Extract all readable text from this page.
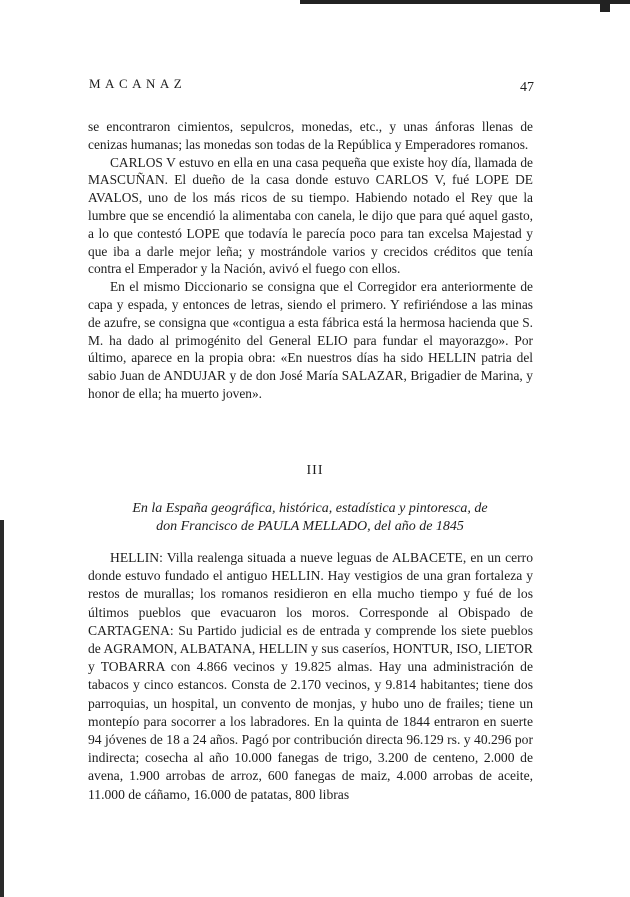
MACANAZ	47

se encontraron cimientos, sepulcros, monedas, etc., y unas ánforas llenas de cenizas humanas; las monedas son todas de la República y Emperadores romanos.

CARLOS V estuvo en ella en una casa pequeña que existe hoy día, llamada de MASCUÑAN. El dueño de la casa donde estuvo CARLOS V, fué LOPE DE AVALOS, uno de los más ricos de su tiempo. Habiendo notado el Rey que la lumbre que se encendió la alimentaba con canela, le dijo que para qué aquel gasto, a lo que contestó LOPE que todavía le parecía poco para tan excelsa Majestad y que iba a darle mejor leña; y mostrándole varios y crecidos créditos que tenía contra el Emperador y la Nación, avivó el fuego con ellos.

En el mismo Diccionario se consigna que el Corregidor era anteriormente de capa y espada, y entonces de letras, siendo el primero. Y refiriéndose a las minas de azufre, se consigna que «contigua a esta fábrica está la hermosa hacienda que S. M. ha dado al primogénito del General ELIO para fundar el mayorazgo». Por último, aparece en la propia obra: «En nuestros días ha sido HELLIN patria del sabio Juan de ANDUJAR y de don José María SALAZAR, Brigadier de Marina, y honor de ella; ha muerto joven».

III
En la España geográfica, histórica, estadística y pintoresca, de
don Francisco de PAULA MELLADO, del año de 1845

HELLIN: Villa realenga situada a nueve leguas de ALBACETE, en un cerro donde estuvo fundado el antiguo HELLIN. Hay vestigios de una gran fortaleza y restos de murallas; los romanos residieron en ella mucho tiempo y fué de los últimos pueblos que evacuaron los moros. Corresponde al Obispado de CARTAGENA: Su Partido judicial es de entrada y comprende los siete pueblos de AGRAMON, ALBATANA, HELLIN y sus caseríos, HONTUR, ISO, LIETOR y TOBARRA con 4.866 vecinos y 19.825 almas. Hay una administración de tabacos y cinco estancos. Consta de 2.170 vecinos, y 9.814 habitantes; tiene dos parroquias, un hospital, un convento de monjas, y hubo uno de frailes; tiene un montepío para socorrer a los labradores. En la quinta de 1844 entraron en suerte 94 jóvenes de 18 a 24 años. Pagó por contribución directa 96.129 rs. y 40.296 por indirecta; cosecha al año 10.000 fanegas de trigo, 3.200 de centeno, 2.000 de avena, 1.900 arrobas de arroz, 600 fanegas de maiz, 4.000 arrobas de aceite, 11.000 de cáñamo, 16.000 de patatas, 800 libras
